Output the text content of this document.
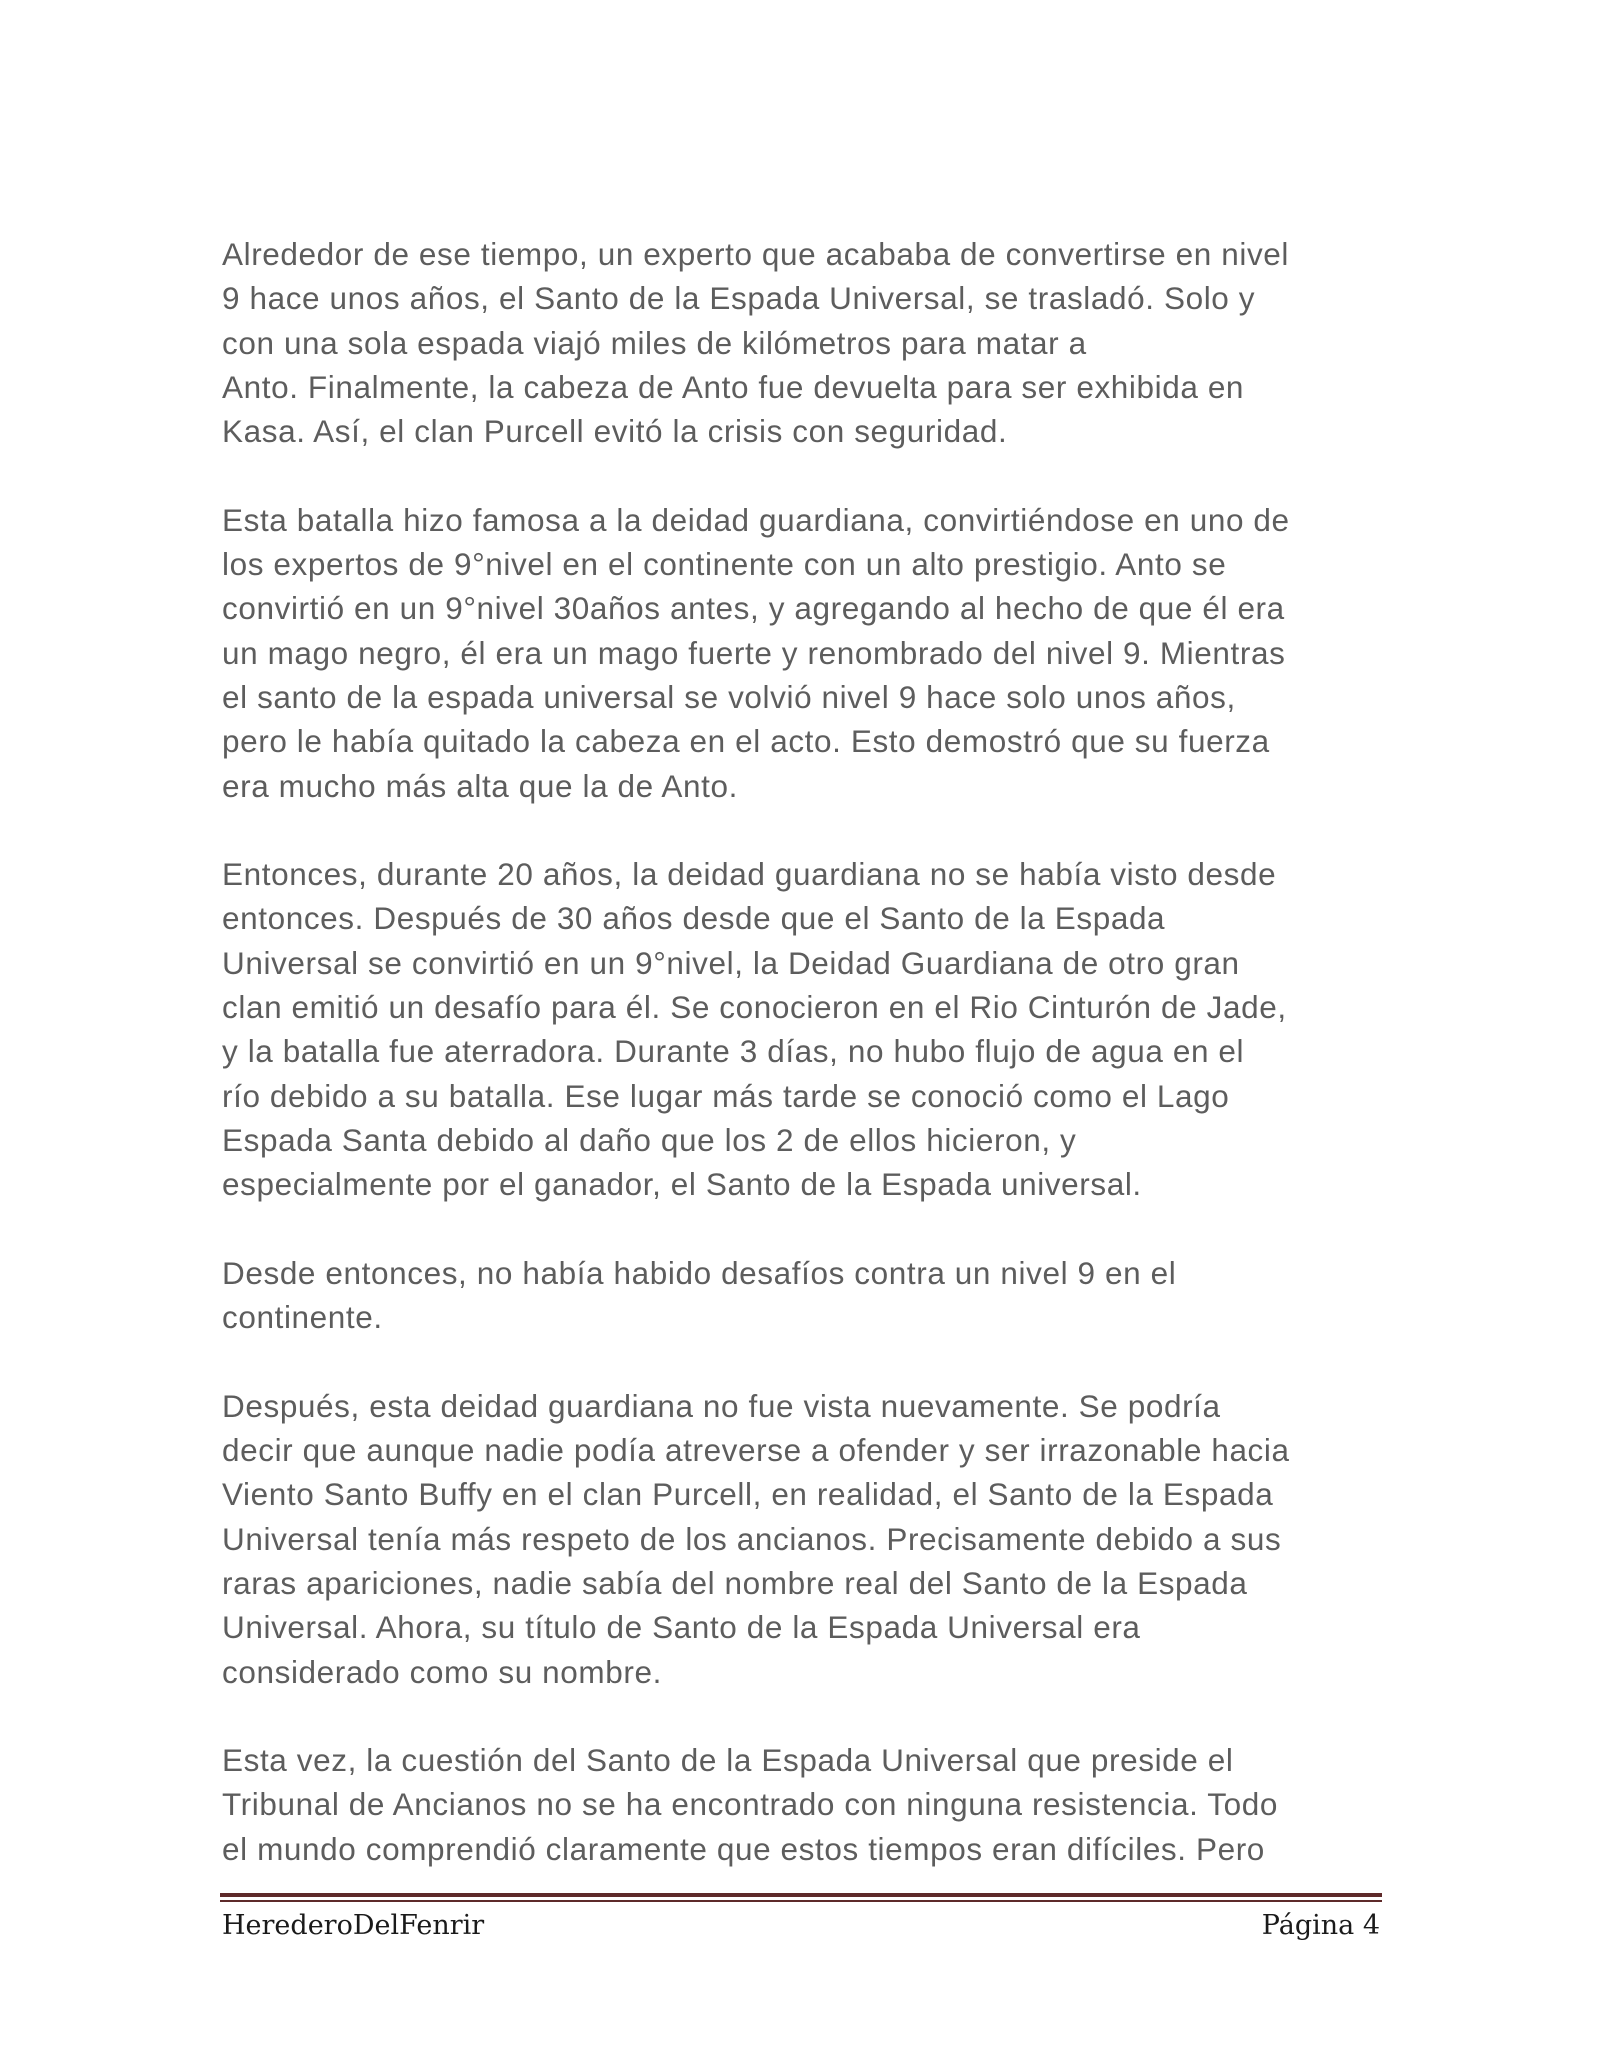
Alrededor de ese tiempo, un experto que acababa de convertirse en nivel
9 hace unos años, el Santo de la Espada Universal, se trasladó. Solo y
con una sola espada viajó miles de kilómetros para matar a
Anto. Finalmente, la cabeza de Anto fue devuelta para ser exhibida en
Kasa. Así, el clan Purcell evitó la crisis con seguridad.

Esta batalla hizo famosa a la deidad guardiana, convirtiéndose en uno de
los expertos de 9°nivel en el continente con un alto prestigio. Anto se
convirtió en un 9°nivel 30años antes, y agregando al hecho de que él era
un mago negro, él era un mago fuerte y renombrado del nivel 9. Mientras
el santo de la espada universal se volvió nivel 9 hace solo unos años,
pero le había quitado la cabeza en el acto. Esto demostró que su fuerza
era mucho más alta que la de Anto.

Entonces, durante 20 años, la deidad guardiana no se había visto desde
entonces. Después de 30 años desde que el Santo de la Espada
Universal se convirtió en un 9°nivel, la Deidad Guardiana de otro gran
clan emitió un desafío para él. Se conocieron en el Rio Cinturón de Jade,
y la batalla fue aterradora. Durante 3 días, no hubo flujo de agua en el
río debido a su batalla. Ese lugar más tarde se conoció como el Lago
Espada Santa debido al daño que los 2 de ellos hicieron, y
especialmente por el ganador, el Santo de la Espada universal.

Desde entonces, no había habido desafíos contra un nivel 9 en el
continente.

Después, esta deidad guardiana no fue vista nuevamente. Se podría
decir que aunque nadie podía atreverse a ofender y ser irrazonable hacia
Viento Santo Buffy en el clan Purcell, en realidad, el Santo de la Espada
Universal tenía más respeto de los ancianos. Precisamente debido a sus
raras apariciones, nadie sabía del nombre real del Santo de la Espada
Universal. Ahora, su título de Santo de la Espada Universal era
considerado como su nombre.

Esta vez, la cuestión del Santo de la Espada Universal que preside el
Tribunal de Ancianos no se ha encontrado con ninguna resistencia. Todo
el mundo comprendió claramente que estos tiempos eran difíciles. Pero

HerederoDelFenrir	Página 4
